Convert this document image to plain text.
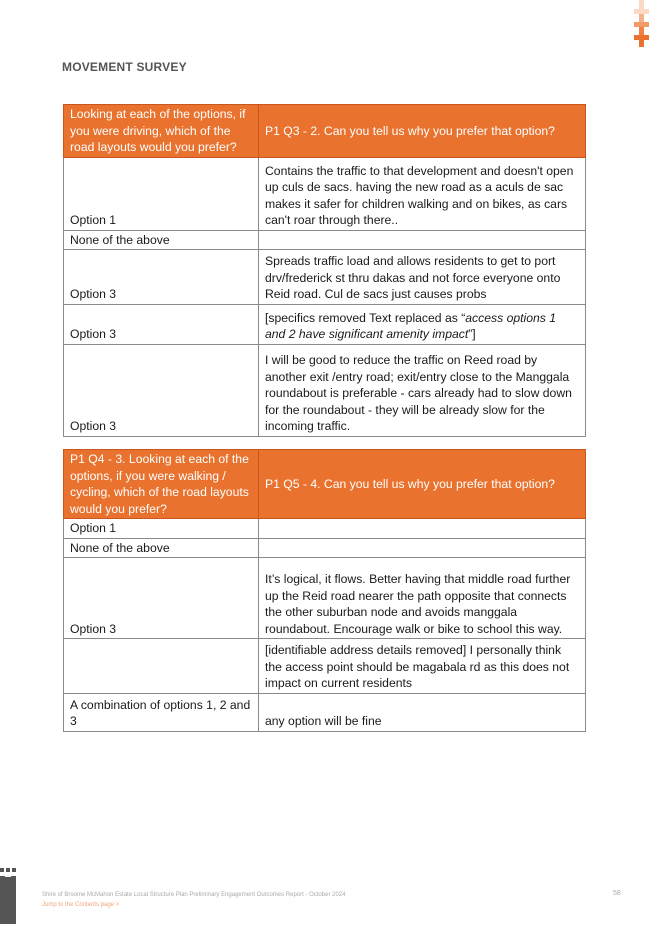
MOVEMENT SURVEY
Looking at each of the options, if you were driving, which of the road layouts would you prefer?	P1 Q3 - 2. Can you tell us why you prefer that option?
Option 1	Contains the traffic to that development and doesn't open up culs de sacs. having the new road as a aculs de sac makes it safer for children walking and on bikes, as cars can't roar through there..
None of the above	
Option 3	Spreads traffic load and allows residents to get to port drv/frederick st thru dakas and not force everyone onto Reid road. Cul de sacs just causes probs
Option 3	[specifics removed Text replaced as “access options 1 and 2 have significant amenity impact”]
Option 3	I will be good to reduce the traffic on Reed road by another exit /entry road; exit/entry close to the Manggala roundabout is preferable - cars already had to slow down for the roundabout - they will be already slow for the incoming traffic.
P1 Q4 - 3. Looking at each of the options, if you were walking / cycling, which of the road layouts would you prefer?	P1 Q5 - 4. Can you tell us why you prefer that option?
Option 1	
None of the above	
Option 3	It’s logical, it flows. Better having that middle road further up the Reid road nearer the path opposite that connects the other suburban node and avoids manggala roundabout. Encourage walk or bike to school this way.
	[identifiable address details removed] I personally think the access point should be magabala rd as this does not impact on current residents
A combination of options 1, 2 and 3	any option will be fine
Shire of Broome McMahon Estate Local Structure Plan Preliminary Engagement Outcomes Report - October 2024
Jump to the Contents page >
58
